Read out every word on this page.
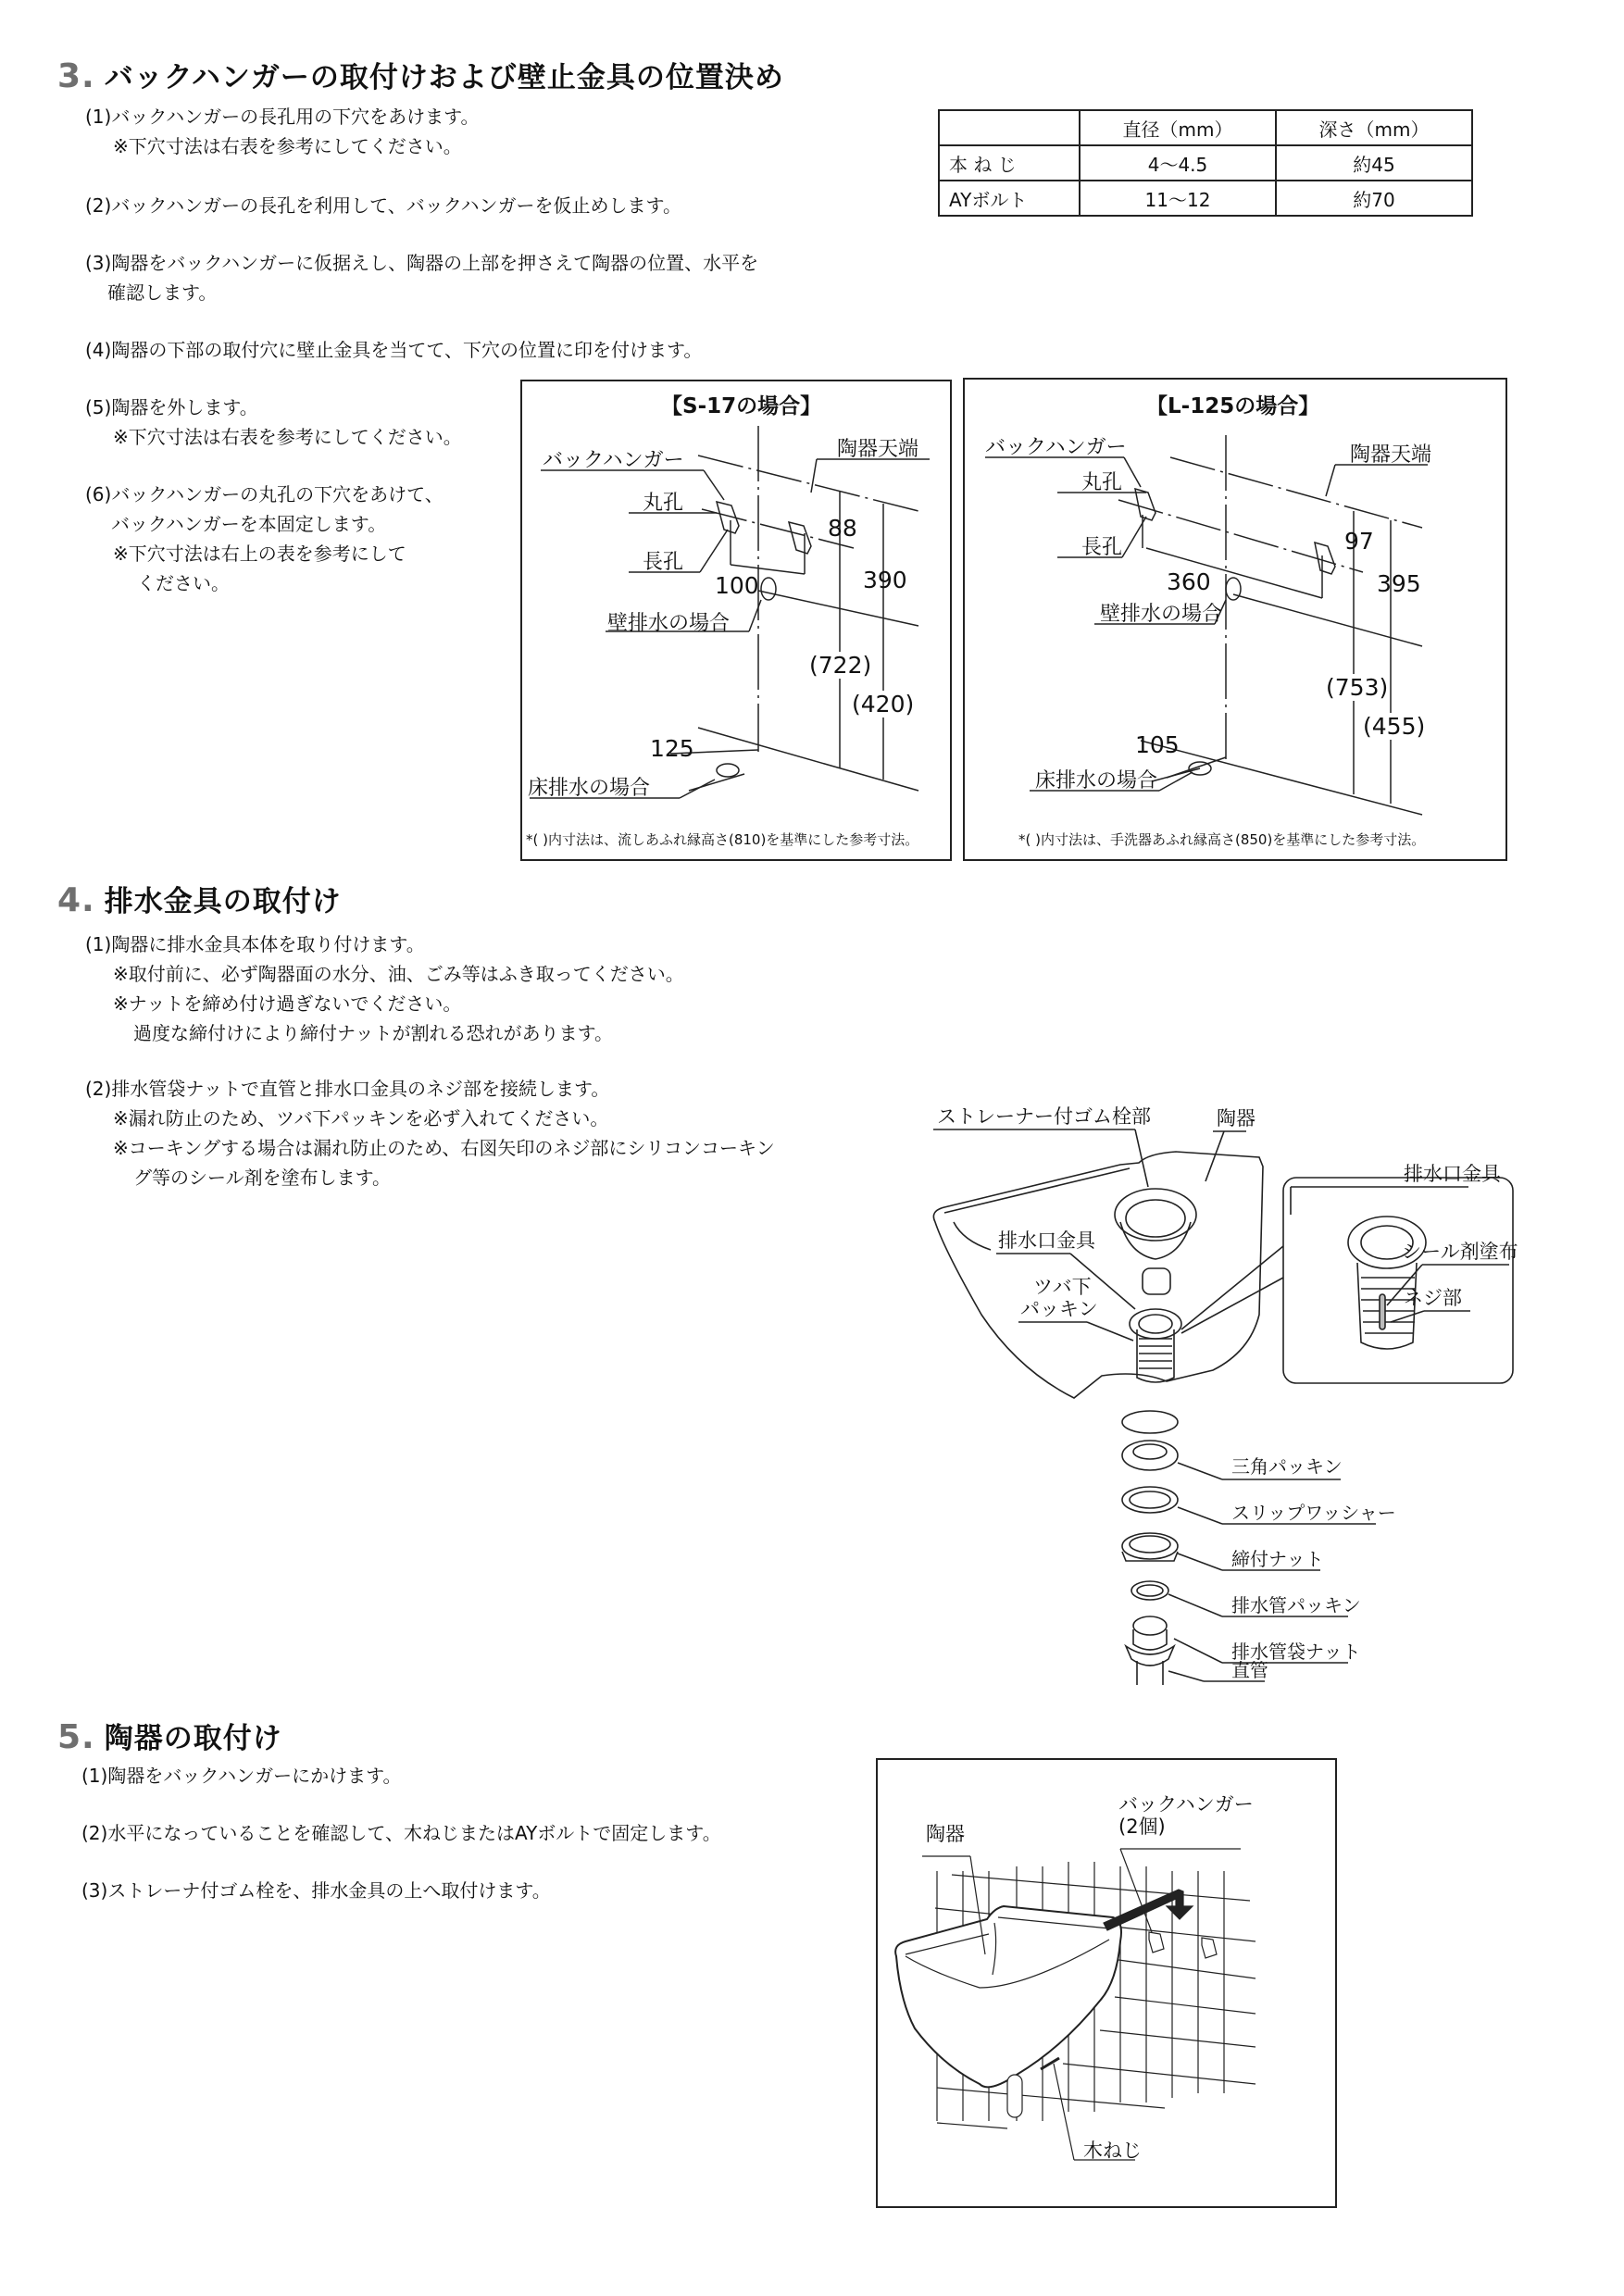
3. バックハンガーの取付けおよび壁止金具の位置決め
(1)バックハンガーの長孔用の下穴をあけます。
※下穴寸法は右表を参考にしてください。
(2)バックハンガーの長孔を利用して、バックハンガーを仮止めします。
(3)陶器をバックハンガーに仮据えし、陶器の上部を押さえて陶器の位置、水平を
確認します。
(4)陶器の下部の取付穴に壁止金具を当てて、下穴の位置に印を付けます。
(5)陶器を外します。
※下穴寸法は右表を参考にしてください。
(6)バックハンガーの丸孔の下穴をあけて、
バックハンガーを本固定します。
※下穴寸法は右上の表を参考にして
ください。
	直径（mm）	深さ（mm）
本 ね じ	4〜4.5	約45
AYボルト	11〜12	約70
【S-17の場合】
バックハンガー
丸孔
長孔
陶器天端
壁排水の場合
床排水の場合
88
390
100
(722)
(420)
125
*( )内寸法は、流しあふれ縁高さ(810)を基準にした参考寸法。
【L-125の場合】
バックハンガー
丸孔
長孔
陶器天端
壁排水の場合
床排水の場合
97
395
360
(753)
(455)
105
*( )内寸法は、手洗器あふれ縁高さ(850)を基準にした参考寸法。
4. 排水金具の取付け
(1)陶器に排水金具本体を取り付けます。
※取付前に、必ず陶器面の水分、油、ごみ等はふき取ってください。
※ナットを締め付け過ぎないでください。
過度な締付けにより締付ナットが割れる恐れがあります。
(2)排水管袋ナットで直管と排水口金具のネジ部を接続します。
※漏れ防止のため、ツバ下パッキンを必ず入れてください。
※コーキングする場合は漏れ防止のため、右図矢印のネジ部にシリコンコーキン
グ等のシール剤を塗布します。
ストレーナー付ゴム栓部	陶器
排水口金具
ツバ下
パッキン
排水口金具
シール剤塗布
ネジ部
三角パッキン
スリップワッシャー
締付ナット
排水管パッキン
排水管袋ナット
直管
5. 陶器の取付け
(1)陶器をバックハンガーにかけます。
(2)水平になっていることを確認して、木ねじまたはAYボルトで固定します。
(3)ストレーナ付ゴム栓を、排水金具の上へ取付けます。
陶器
バックハンガー
(2個)
木ねじ
